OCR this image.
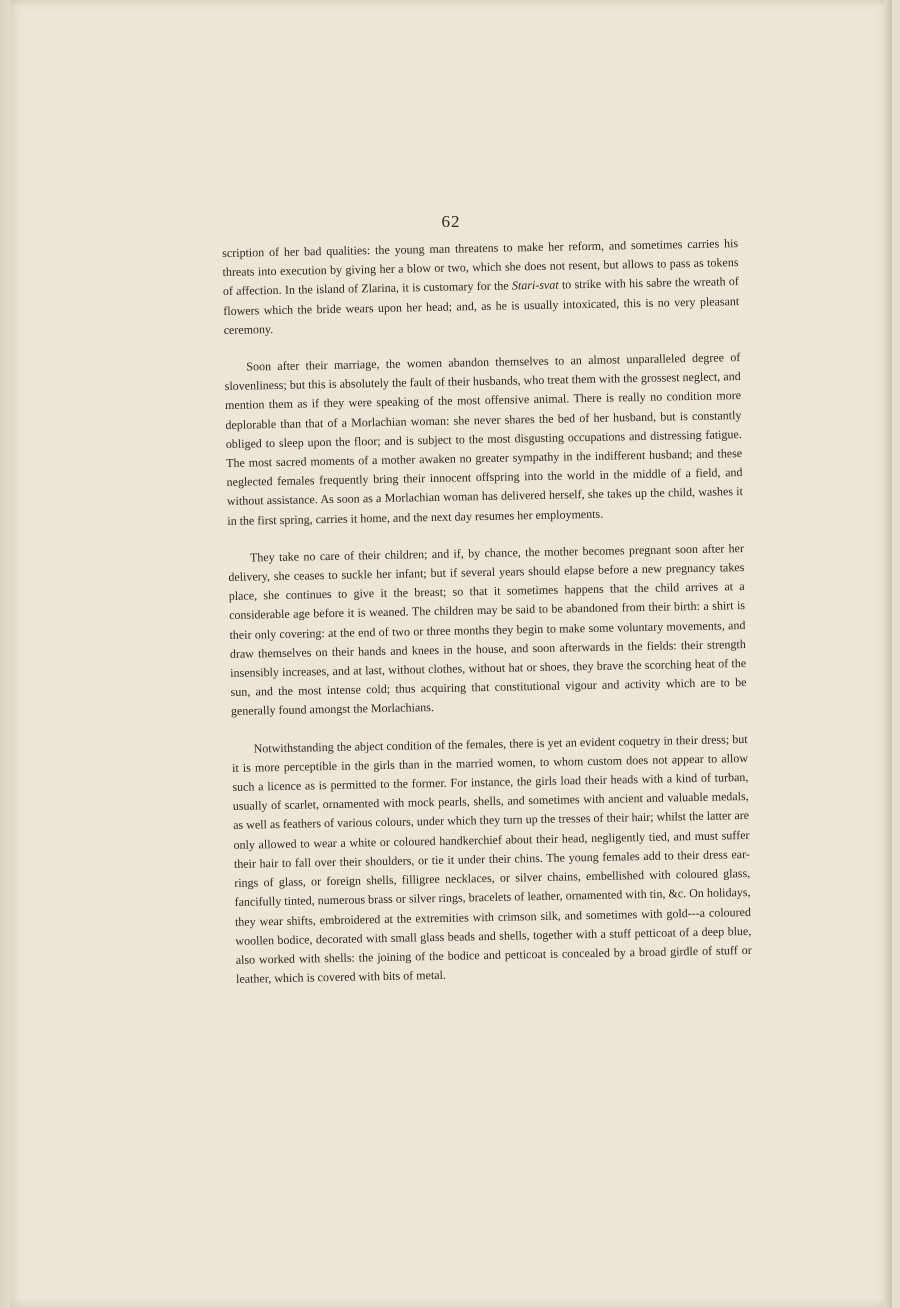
62

scription of her bad qualities: the young man threatens to make her reform, and sometimes carries his threats into execution by giving her a blow or two, which she does not resent, but allows to pass as tokens of affection. In the island of Zlarina, it is customary for the Stari-svat to strike with his sabre the wreath of flowers which the bride wears upon her head; and, as he is usually intoxicated, this is no very pleasant ceremony.

Soon after their marriage, the women abandon themselves to an almost unparalleled degree of slovenliness; but this is absolutely the fault of their husbands, who treat them with the grossest neglect, and mention them as if they were speaking of the most offensive animal. There is really no condition more deplorable than that of a Morlachian woman: she never shares the bed of her husband, but is constantly obliged to sleep upon the floor; and is subject to the most disgusting occupations and distressing fatigue. The most sacred moments of a mother awaken no greater sympathy in the indifferent husband; and these neglected females frequently bring their innocent offspring into the world in the middle of a field, and without assistance. As soon as a Morlachian woman has delivered herself, she takes up the child, washes it in the first spring, carries it home, and the next day resumes her employments.

They take no care of their children; and if, by chance, the mother becomes pregnant soon after her delivery, she ceases to suckle her infant; but if several years should elapse before a new pregnancy takes place, she continues to give it the breast; so that it sometimes happens that the child arrives at a considerable age before it is weaned. The children may be said to be abandoned from their birth: a shirt is their only covering: at the end of two or three months they begin to make some voluntary movements, and draw themselves on their hands and knees in the house, and soon afterwards in the fields: their strength insensibly increases, and at last, without clothes, without hat or shoes, they brave the scorching heat of the sun, and the most intense cold; thus acquiring that constitutional vigour and activity which are to be generally found amongst the Morlachians.

Notwithstanding the abject condition of the females, there is yet an evident coquetry in their dress; but it is more perceptible in the girls than in the married women, to whom custom does not appear to allow such a licence as is permitted to the former. For instance, the girls load their heads with a kind of turban, usually of scarlet, ornamented with mock pearls, shells, and sometimes with ancient and valuable medals, as well as feathers of various colours, under which they turn up the tresses of their hair; whilst the latter are only allowed to wear a white or coloured handkerchief about their head, negligently tied, and must suffer their hair to fall over their shoulders, or tie it under their chins. The young females add to their dress ear-rings of glass, or foreign shells, filligree necklaces, or silver chains, embellished with coloured glass, fancifully tinted, numerous brass or silver rings, bracelets of leather, ornamented with tin, &c. On holidays, they wear shifts, embroidered at the extremities with crimson silk, and sometimes with gold---a coloured woollen bodice, decorated with small glass beads and shells, together with a stuff petticoat of a deep blue, also worked with shells: the joining of the bodice and petticoat is concealed by a broad girdle of stuff or leather, which is covered with bits of metal.
